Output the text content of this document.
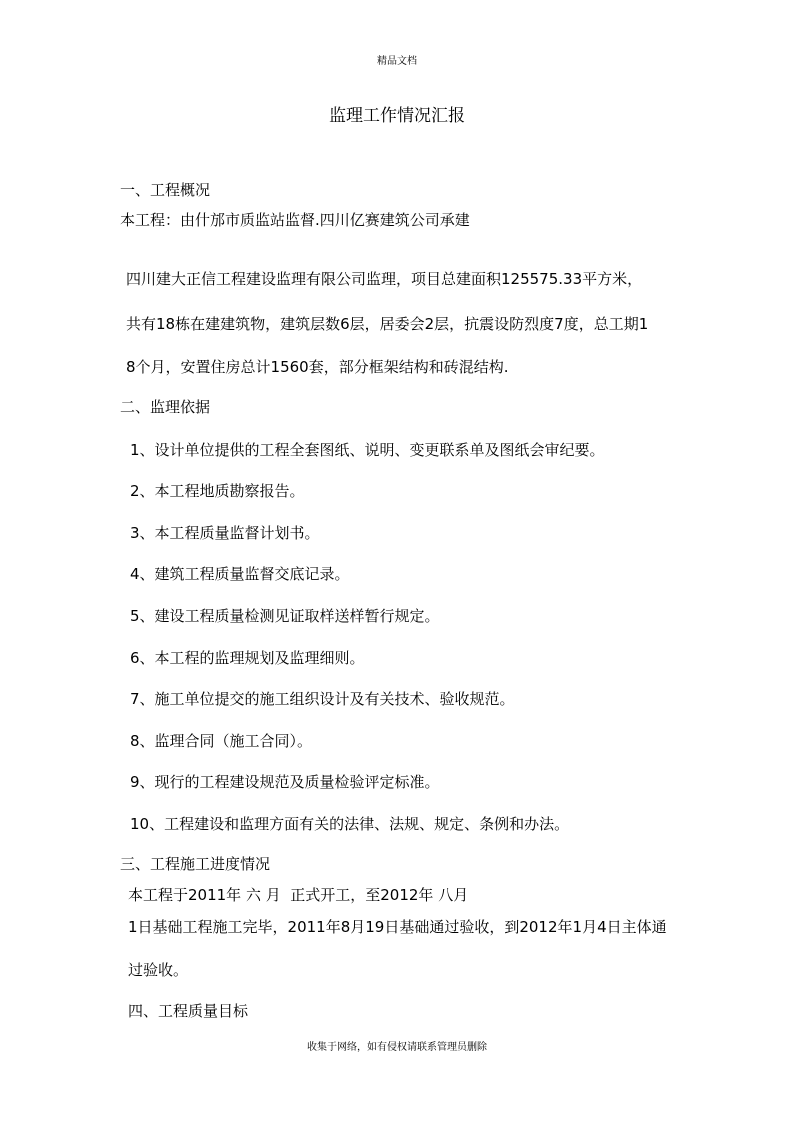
精品文档
监理工作情况汇报
一、工程概况
本工程：由什邡市质监站监督.四川亿赛建筑公司承建
四川建大正信工程建设监理有限公司监理，项目总建面积125575.33平方米，
共有18栋在建建筑物，建筑层数6层，居委会2层，抗震设防烈度7度，总工期1
8个月，安置住房总计1560套，部分框架结构和砖混结构.
二、监理依据
1、设计单位提供的工程全套图纸、说明、变更联系单及图纸会审纪要。
2、本工程地质勘察报告。
3、本工程质量监督计划书。
4、建筑工程质量监督交底记录。
5、建设工程质量检测见证取样送样暂行规定。
6、本工程的监理规划及监理细则。
7、施工单位提交的施工组织设计及有关技术、验收规范。
8、监理合同（施工合同）。
9、现行的工程建设规范及质量检验评定标准。
10、工程建设和监理方面有关的法律、法规、规定、条例和办法。
三、工程施工进度情况
本工程于2011年 六 月  正式开工，至2012年 八月
1日基础工程施工完毕，2011年8月19日基础通过验收，到2012年1月4日主体通
过验收。
四、工程质量目标
收集于网络，如有侵权请联系管理员删除
